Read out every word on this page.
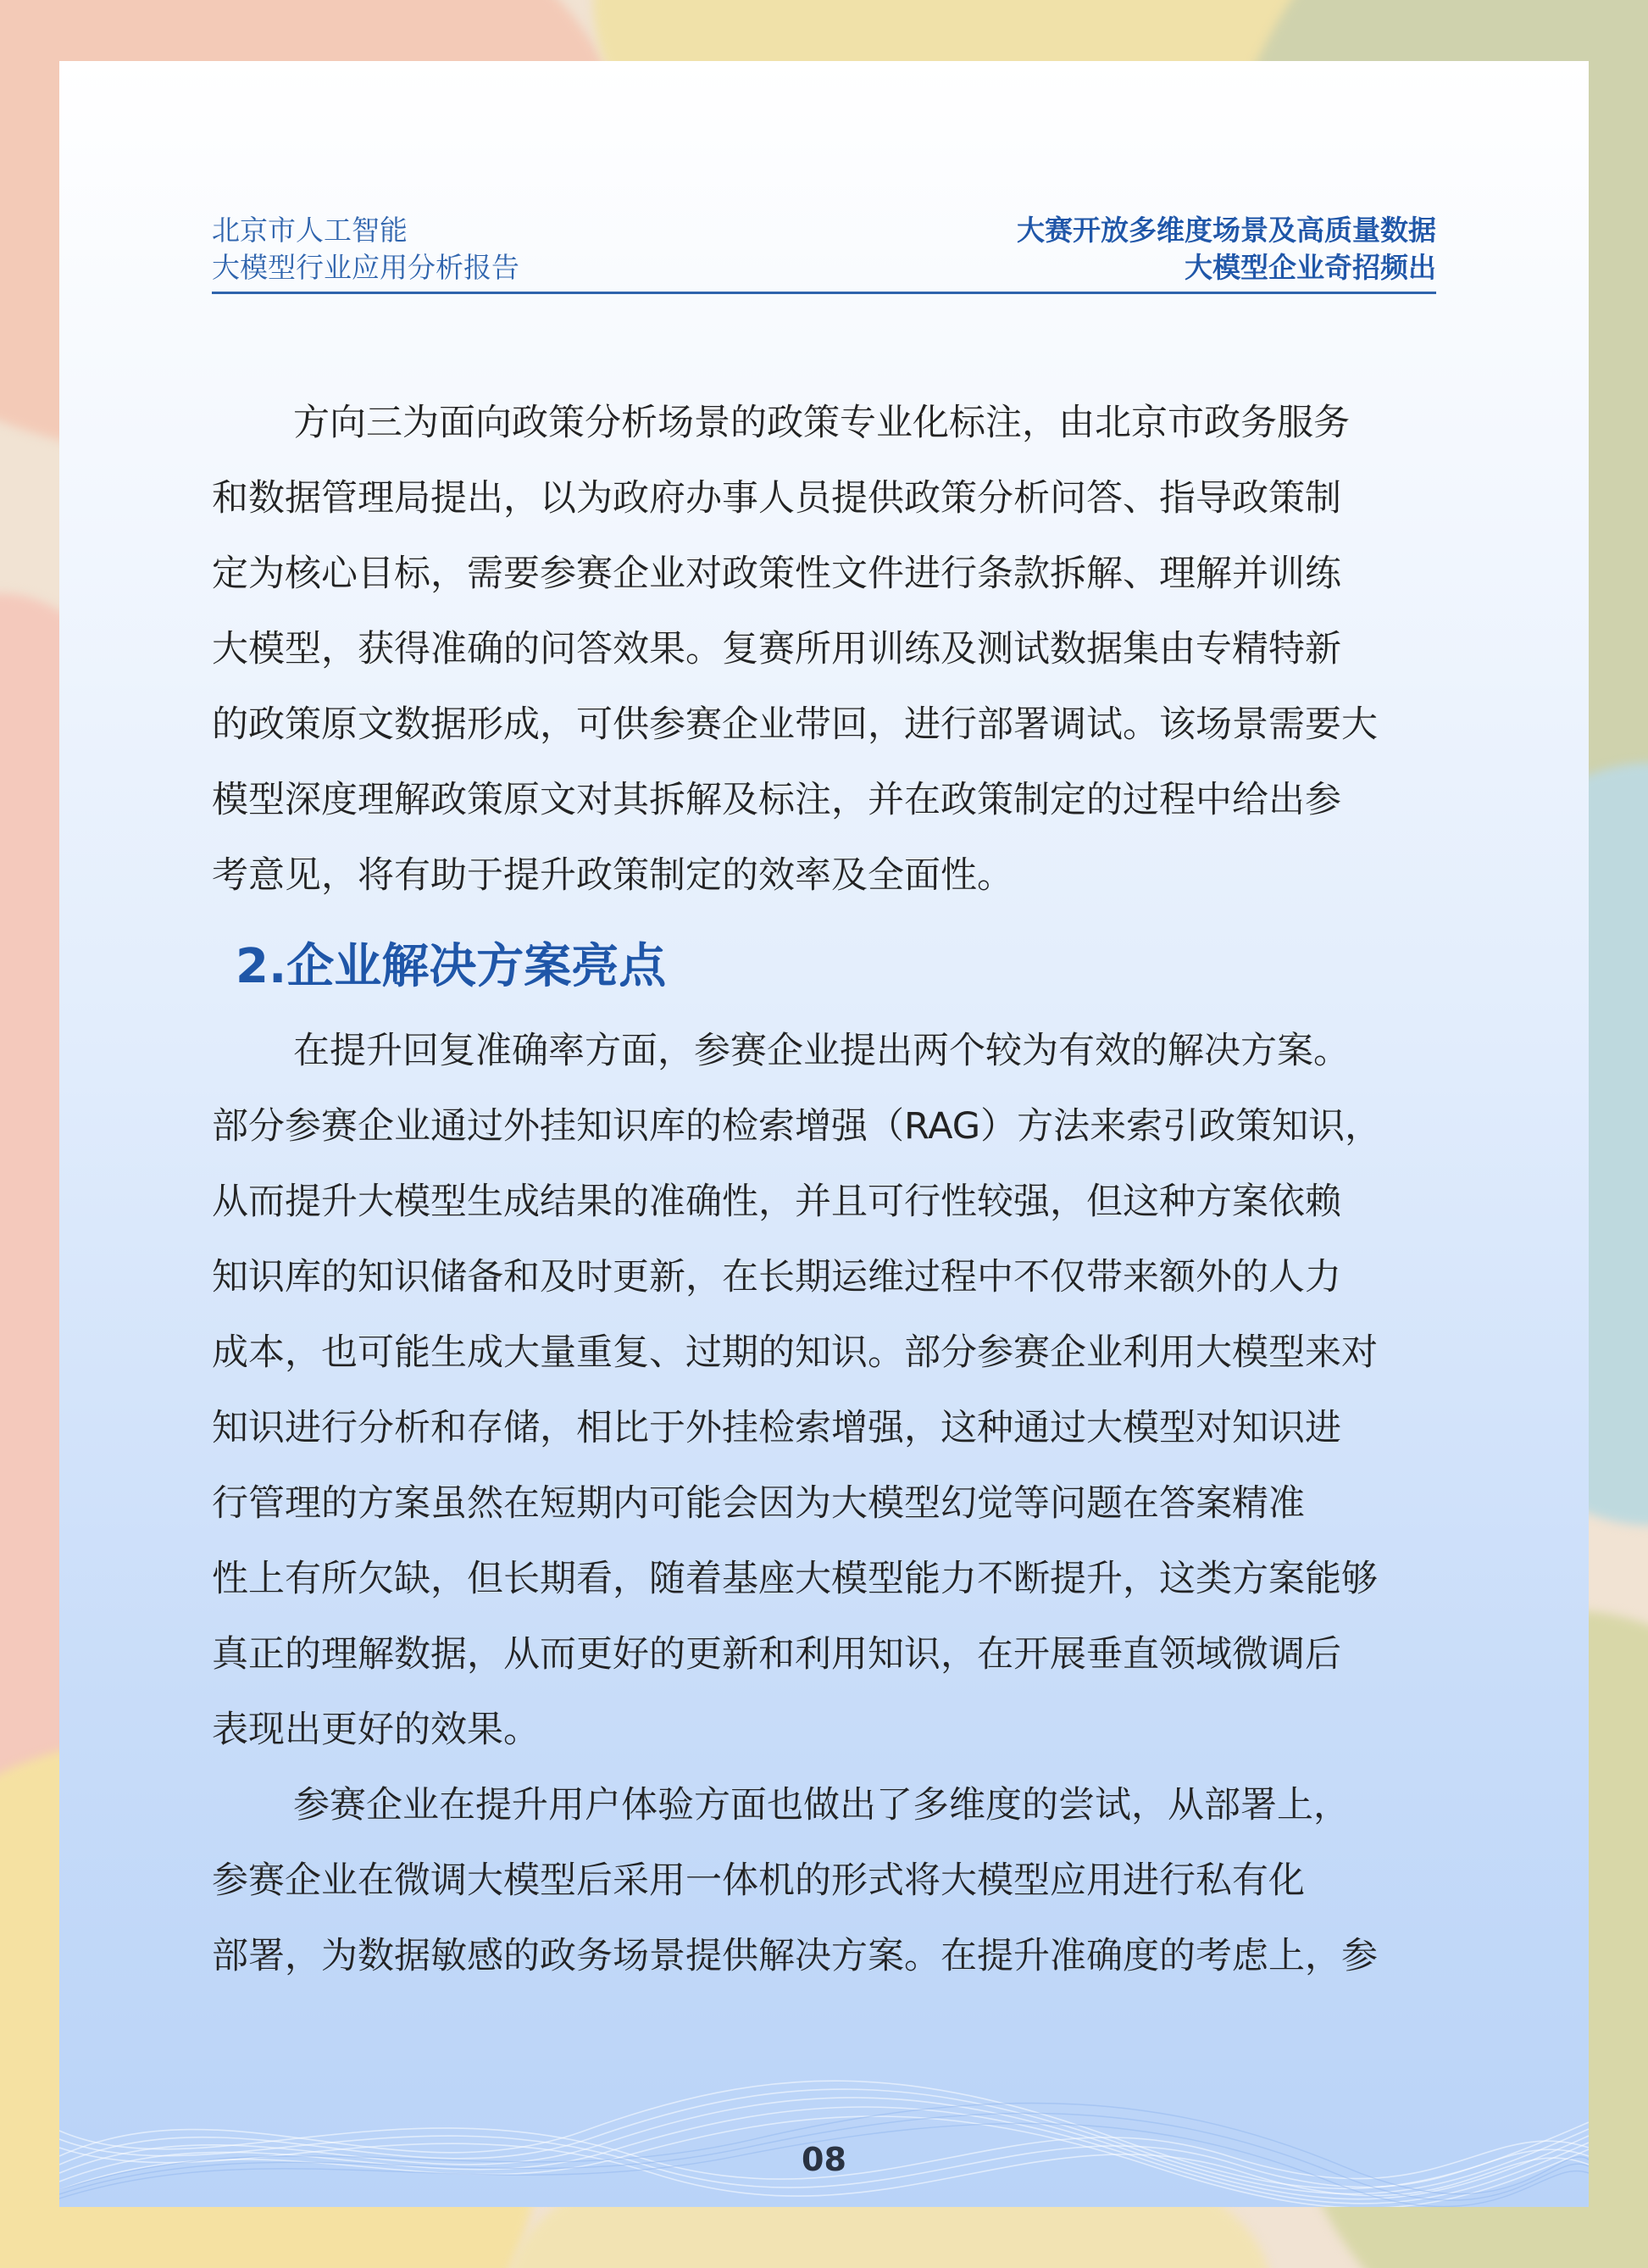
北京市人工智能
大模型行业应用分析报告
大赛开放多维度场景及高质量数据
大模型企业奇招频出

方向三为面向政策分析场景的政策专业化标注，由北京市政务服务
和数据管理局提出，以为政府办事人员提供政策分析问答、指导政策制
定为核心目标，需要参赛企业对政策性文件进行条款拆解、理解并训练
大模型，获得准确的问答效果。复赛所用训练及测试数据集由专精特新
的政策原文数据形成，可供参赛企业带回，进行部署调试。该场景需要大
模型深度理解政策原文对其拆解及标注，并在政策制定的过程中给出参
考意见，将有助于提升政策制定的效率及全面性。

2.企业解决方案亮点

在提升回复准确率方面，参赛企业提出两个较为有效的解决方案。
部分参赛企业通过外挂知识库的检索增强（RAG）方法来索引政策知识，
从而提升大模型生成结果的准确性，并且可行性较强，但这种方案依赖
知识库的知识储备和及时更新，在长期运维过程中不仅带来额外的人力
成本，也可能生成大量重复、过期的知识。部分参赛企业利用大模型来对
知识进行分析和存储，相比于外挂检索增强，这种通过大模型对知识进
行管理的方案虽然在短期内可能会因为大模型幻觉等问题在答案精准
性上有所欠缺，但长期看，随着基座大模型能力不断提升，这类方案能够
真正的理解数据，从而更好的更新和利用知识，在开展垂直领域微调后
表现出更好的效果。

参赛企业在提升用户体验方面也做出了多维度的尝试，从部署上，
参赛企业在微调大模型后采用一体机的形式将大模型应用进行私有化
部署，为数据敏感的政务场景提供解决方案。在提升准确度的考虑上，参

08
